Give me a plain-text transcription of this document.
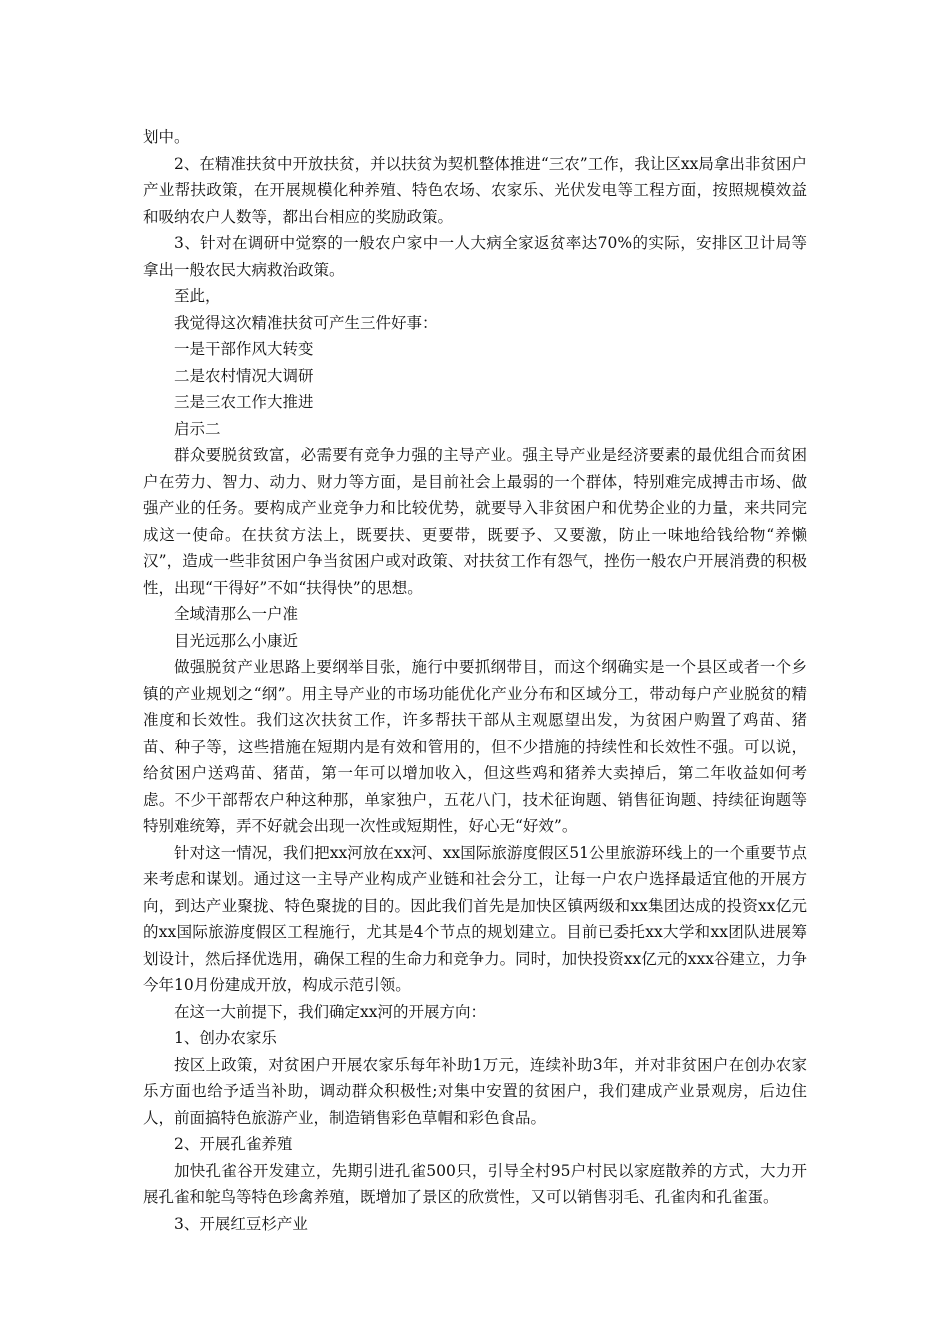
划中。

2、在精准扶贫中开放扶贫，并以扶贫为契机整体推进“三农”工作，我让区xx局拿出非贫困户产业帮扶政策，在开展规模化种养殖、特色农场、农家乐、光伏发电等工程方面，按照规模效益和吸纳农户人数等，都出台相应的奖励政策。

3、针对在调研中觉察的一般农户家中一人大病全家返贫率达70%的实际，安排区卫计局等拿出一般农民大病救治政策。

至此，

我觉得这次精准扶贫可产生三件好事：

一是干部作风大转变

二是农村情况大调研

三是三农工作大推进

启示二

群众要脱贫致富，必需要有竞争力强的主导产业。强主导产业是经济要素的最优组合而贫困户在劳力、智力、动力、财力等方面，是目前社会上最弱的一个群体，特别难完成搏击市场、做强产业的任务。要构成产业竞争力和比较优势，就要导入非贫困户和优势企业的力量，来共同完成这一使命。在扶贫方法上，既要扶、更要带，既要予、又要激，防止一味地给钱给物“养懒汉”，造成一些非贫困户争当贫困户或对政策、对扶贫工作有怨气，挫伤一般农户开展消费的积极性，出现“干得好”不如“扶得快”的思想。

全域清那么一户准

目光远那么小康近

做强脱贫产业思路上要纲举目张，施行中要抓纲带目，而这个纲确实是一个县区或者一个乡镇的产业规划之“纲”。用主导产业的市场功能优化产业分布和区域分工，带动每户产业脱贫的精准度和长效性。我们这次扶贫工作，许多帮扶干部从主观愿望出发，为贫困户购置了鸡苗、猪苗、种子等，这些措施在短期内是有效和管用的，但不少措施的持续性和长效性不强。可以说，给贫困户送鸡苗、猪苗，第一年可以增加收入，但这些鸡和猪养大卖掉后，第二年收益如何考虑。不少干部帮农户种这种那，单家独户，五花八门，技术征询题、销售征询题、持续征询题等特别难统筹，弄不好就会出现一次性或短期性，好心无“好效”。

针对这一情况，我们把xx河放在xx河、xx国际旅游度假区51公里旅游环线上的一个重要节点来考虑和谋划。通过这一主导产业构成产业链和社会分工，让每一户农户选择最适宜他的开展方向，到达产业聚拢、特色聚拢的目的。因此我们首先是加快区镇两级和xx集团达成的投资xx亿元的xx国际旅游度假区工程施行，尤其是4个节点的规划建立。目前已委托xx大学和xx团队进展筹划设计，然后择优选用，确保工程的生命力和竞争力。同时，加快投资xx亿元的xxx谷建立，力争今年10月份建成开放，构成示范引领。

在这一大前提下，我们确定xx河的开展方向：

1、创办农家乐

按区上政策，对贫困户开展农家乐每年补助1万元，连续补助3年，并对非贫困户在创办农家乐方面也给予适当补助，调动群众积极性;对集中安置的贫困户，我们建成产业景观房，后边住人，前面搞特色旅游产业，制造销售彩色草帽和彩色食品。

2、开展孔雀养殖

加快孔雀谷开发建立，先期引进孔雀500只，引导全村95户村民以家庭散养的方式，大力开展孔雀和鸵鸟等特色珍禽养殖，既增加了景区的欣赏性，又可以销售羽毛、孔雀肉和孔雀蛋。

3、开展红豆杉产业
